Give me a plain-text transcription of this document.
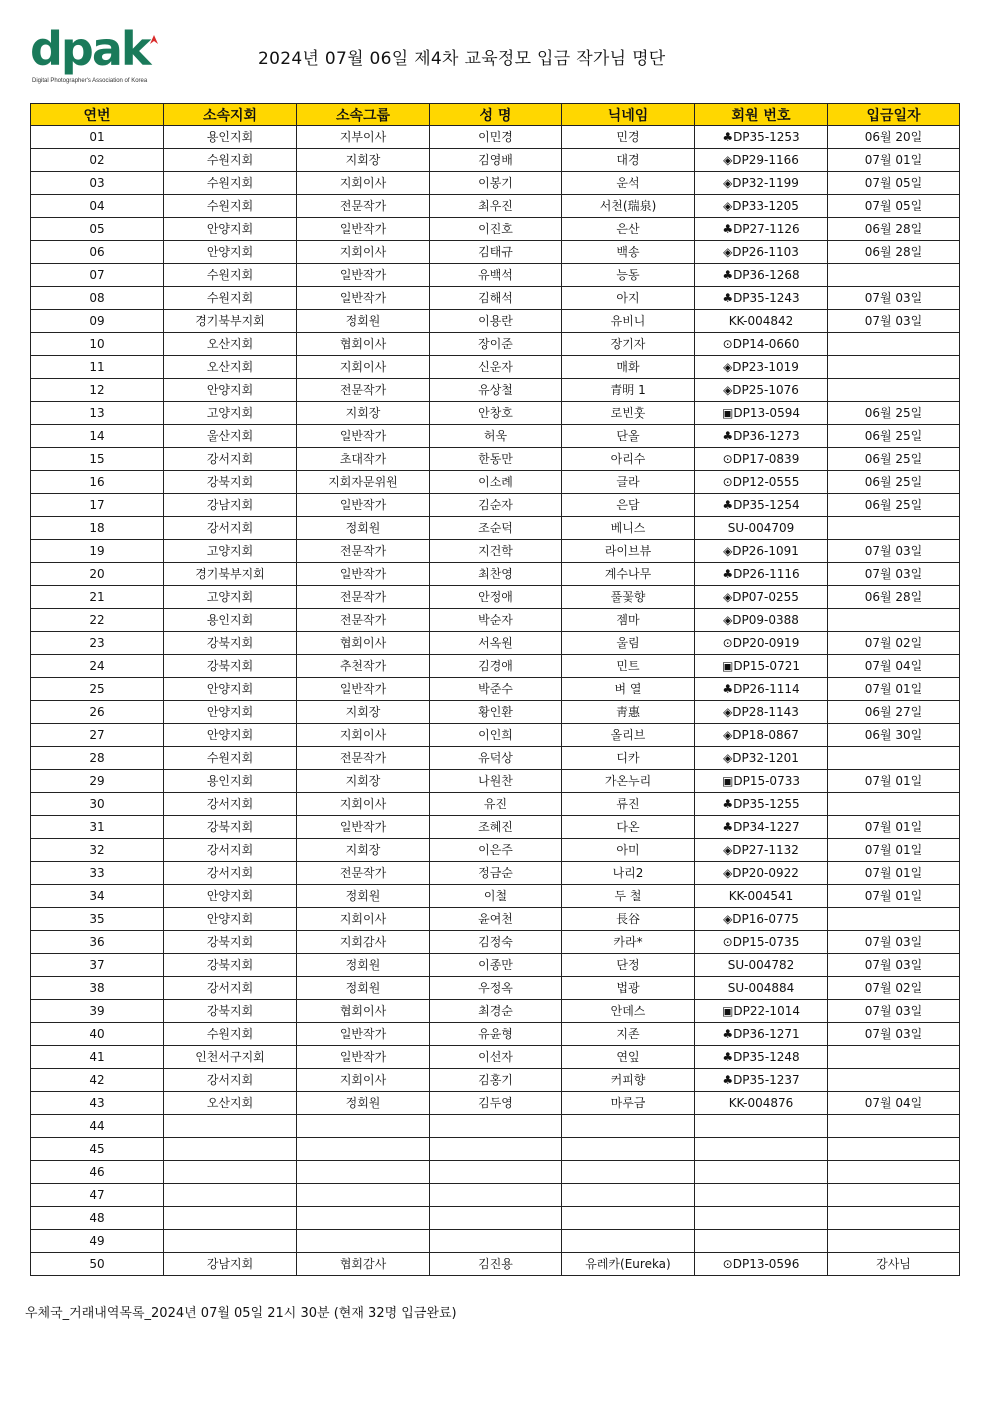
dpak
Digital Photographer's Association of Korea
2024년 07월 06일 제4차 교육정모 입금 작가님 명단
연번	소속지회	소속그룹	성 명	닉네임	회원 번호	입금일자
01	용인지회	지부이사	이민경	민경	♣DP35-1253	06월 20일
02	수원지회	지회장	김영배	대경	◈DP29-1166	07월 01일
03	수원지회	지회이사	이봉기	운석	◈DP32-1199	07월 05일
04	수원지회	전문작가	최우진	서천(瑞泉)	◈DP33-1205	07월 05일
05	안양지회	일반작가	이진호	은산	♣DP27-1126	06월 28일
06	안양지회	지회이사	김태규	백송	◈DP26-1103	06월 28일
07	수원지회	일반작가	유백석	능동	♣DP36-1268	
08	수원지회	일반작가	김해석	아지	♣DP35-1243	07월 03일
09	경기북부지회	정회원	이용란	유비니	KK-004842	07월 03일
10	오산지회	협회이사	장이준	장기자	⊙DP14-0660	
11	오산지회	지회이사	신운자	매화	◈DP23-1019	
12	안양지회	전문작가	유상철	青明 1	◈DP25-1076	
13	고양지회	지회장	안창호	로빈훗	▣DP13-0594	06월 25일
14	울산지회	일반작가	허욱	단올	♣DP36-1273	06월 25일
15	강서지회	초대작가	한동만	아리수	⊙DP17-0839	06월 25일
16	강북지회	지회자문위원	이소례	글라	⊙DP12-0555	06월 25일
17	강남지회	일반작가	김순자	은담	♣DP35-1254	06월 25일
18	강서지회	정회원	조순덕	베니스	SU-004709	
19	고양지회	전문작가	지건학	라이브뷰	◈DP26-1091	07월 03일
20	경기북부지회	일반작가	최찬영	계수나무	♣DP26-1116	07월 03일
21	고양지회	전문작가	안정애	풀꽃향	◈DP07-0255	06월 28일
22	용인지회	전문작가	박순자	젬마	◈DP09-0388	
23	강북지회	협회이사	서옥원	울림	⊙DP20-0919	07월 02일
24	강북지회	추천작가	김경애	민트	▣DP15-0721	07월 04일
25	안양지회	일반작가	박준수	벼 열	♣DP26-1114	07월 01일
26	안양지회	지회장	황인환	靑惠	◈DP28-1143	06월 27일
27	안양지회	지회이사	이인희	올리브	◈DP18-0867	06월 30일
28	수원지회	전문작가	유덕상	디카	◈DP32-1201	
29	용인지회	지회장	나원찬	가온누리	▣DP15-0733	07월 01일
30	강서지회	지회이사	유진	류진	♣DP35-1255	
31	강북지회	일반작가	조혜진	다온	♣DP34-1227	07월 01일
32	강서지회	지회장	이은주	아미	◈DP27-1132	07월 01일
33	강서지회	전문작가	정금순	나리2	◈DP20-0922	07월 01일
34	안양지회	정회원	이철	두 철	KK-004541	07월 01일
35	안양지회	지회이사	윤여천	長谷	◈DP16-0775	
36	강북지회	지회감사	김정숙	카라*	⊙DP15-0735	07월 03일
37	강북지회	정회원	이종만	단정	SU-004782	07월 03일
38	강서지회	정회원	우정옥	법광	SU-004884	07월 02일
39	강북지회	협회이사	최경순	안데스	▣DP22-1014	07월 03일
40	수원지회	일반작가	유윤형	지존	♣DP36-1271	07월 03일
41	인천서구지회	일반작가	이선자	연잎	♣DP35-1248	
42	강서지회	지회이사	김홍기	커피향	♣DP35-1237	
43	오산지회	정회원	김두영	마루금	KK-004876	07월 04일
44						
45						
46						
47						
48						
49						
50	강남지회	협회감사	김진용	유레카(Eureka)	⊙DP13-0596	강사님
우체국_거래내역목록_2024년 07월 05일 21시 30분 (현재 32명 입금완료)
